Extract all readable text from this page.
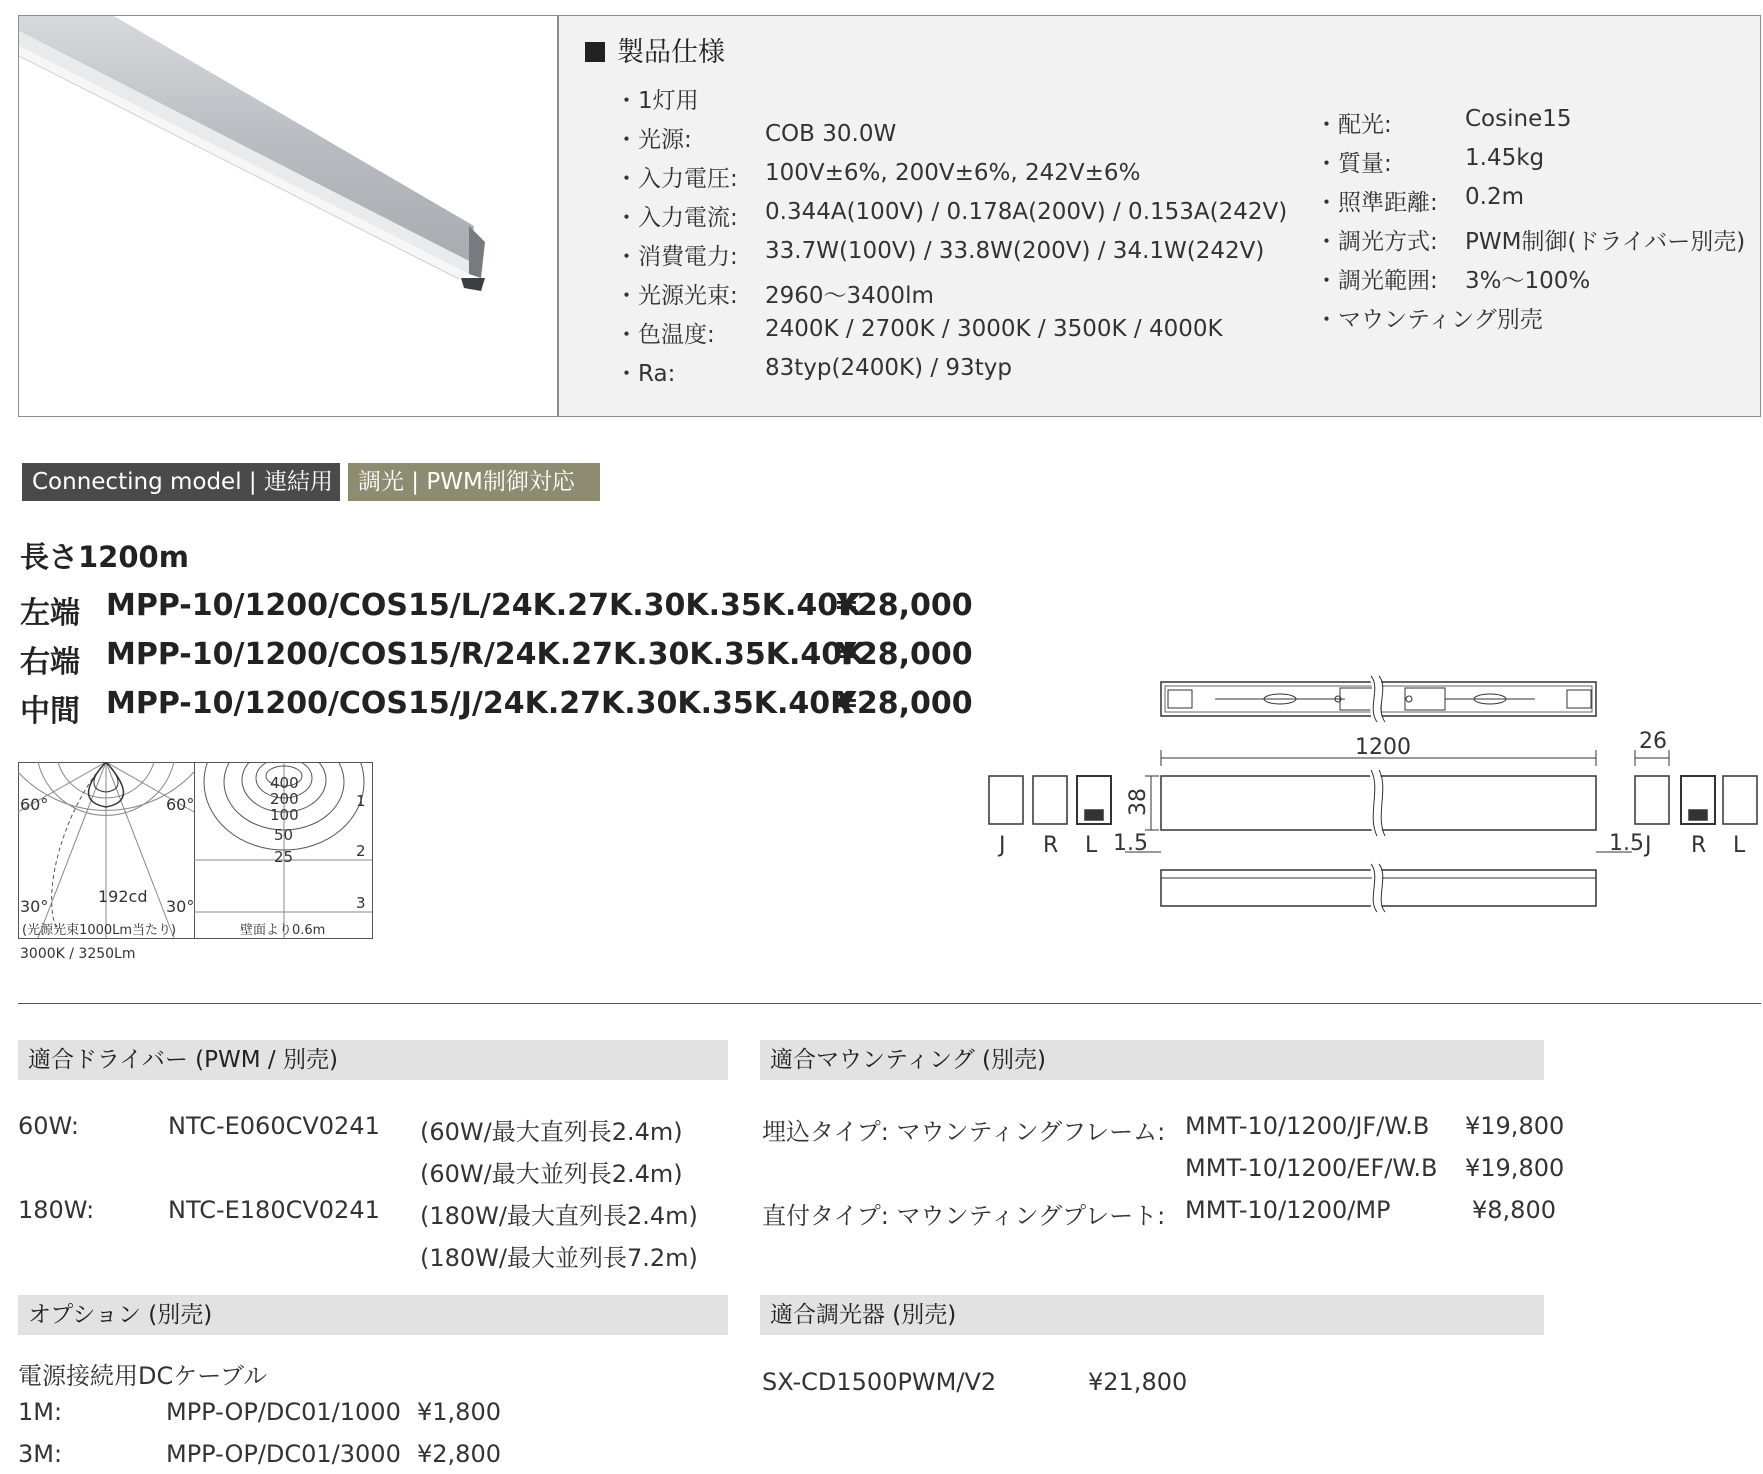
製品仕様
・1灯用
・光源:	COB 30.0W
・入力電圧: 100V±6%, 200V±6%, 242V±6%
・入力電流: 0.344A(100V) / 0.178A(200V) / 0.153A(242V)
・消費電力: 33.7W(100V) / 33.8W(200V) / 34.1W(242V)
・光源光束: 2960〜3400lm
・色温度: 2400K / 2700K / 3000K / 3500K / 4000K
・Ra:	83typ(2400K) / 93typ
・配光:	Cosine15
・質量:	1.45kg
・照準距離: 0.2m
・調光方式: PWM制御(ドライバー別売)
・調光範囲: 3%〜100%
・マウンティング別売
Connecting model | 連結用	調光 | PWM制御対応
長さ1200m
左端 MPP-10/1200/COS15/L/24K.27K.30K.35K.40K
¥28,000
右端 MPP-10/1200/COS15/R/24K.27K.30K.35K.40K
¥28,000
中間 MPP-10/1200/COS15/J/24K.27K.30K.35K.40K
¥28,000
60°	60°
30°	30°
192cd
(光源光束1000Lm当たり)
400
200
100
50
25
1
2
3
壁面より0.6m
3000K / 3250Lm
1200	26
38
1.5	1.5
J R L	J R L
適合ドライバー (PWM / 別売)
60W:	NTC-E060CV0241 (60W/最大直列長2.4m)
(60W/最大並列長2.4m)
180W:	NTC-E180CV0241 (180W/最大直列長2.4m)
(180W/最大並列長7.2m)
適合マウンティング (別売)
埋込タイプ: マウンティングフレーム: MMT-10/1200/JF/W.B ¥19,800
MMT-10/1200/EF/W.B ¥19,800
直付タイプ: マウンティングプレート: MMT-10/1200/MP	¥8,800
オプション (別売)
電源接続用DCケーブル
1M:	MPP-OP/DC01/1000 ¥1,800
3M:	MPP-OP/DC01/3000 ¥2,800
適合調光器 (別売)
SX-CD1500PWM/V2	¥21,800
